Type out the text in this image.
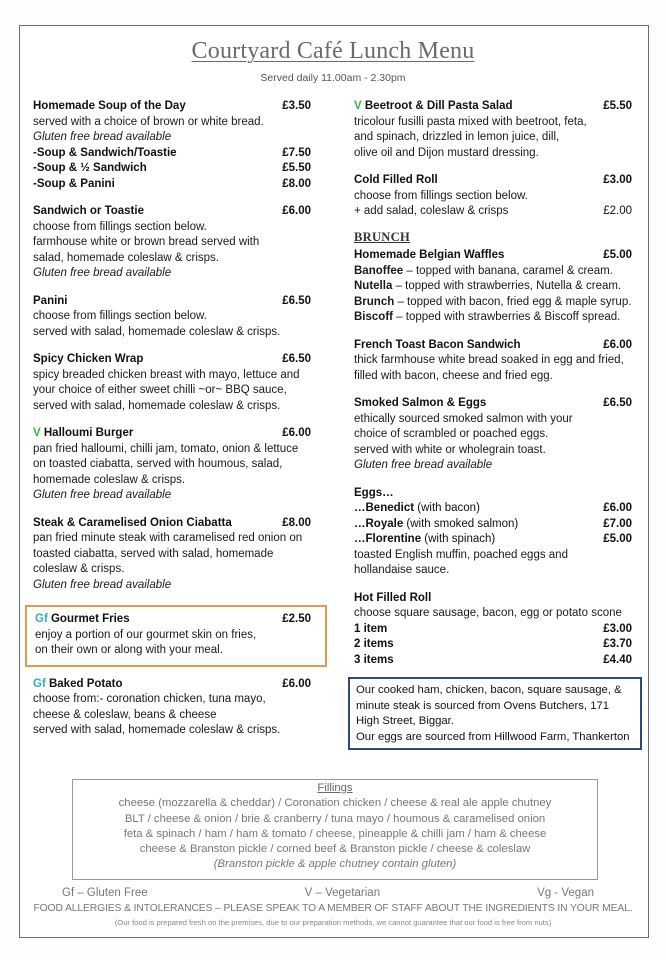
Courtyard Café Lunch Menu
Served daily 11.00am - 2.30pm
Homemade Soup of the Day	£3.50
served with a choice of brown or white bread.
Gluten free bread available
-Soup & Sandwich/Toastie	£7.50
-Soup & ½ Sandwich	£5.50
-Soup & Panini	£8.00
Sandwich or Toastie	£6.00
choose from fillings section below.
farmhouse white or brown bread served with
salad, homemade coleslaw & crisps.
Gluten free bread available
Panini	£6.50
choose from fillings section below.
served with salad, homemade coleslaw & crisps.
Spicy Chicken Wrap	£6.50
spicy breaded chicken breast with mayo, lettuce and
your choice of either sweet chilli ~or~ BBQ sauce,
served with salad, homemade coleslaw & crisps.
V Halloumi Burger	£6.00
pan fried halloumi, chilli jam, tomato, onion & lettuce
on toasted ciabatta, served with houmous, salad,
homemade coleslaw & crisps.
Gluten free bread available
Steak & Caramelised Onion Ciabatta	£8.00
pan fried minute steak with caramelised red onion on
toasted ciabatta, served with salad, homemade
coleslaw & crisps.
Gluten free bread available
Gf Gourmet Fries	£2.50
enjoy a portion of our gourmet skin on fries,
on their own or along with your meal.
Gf Baked Potato	£6.00
choose from:- coronation chicken, tuna mayo,
cheese & coleslaw, beans & cheese
served with salad, homemade coleslaw & crisps.
V Beetroot & Dill Pasta Salad	£5.50
tricolour fusilli pasta mixed with beetroot, feta,
and spinach, drizzled in lemon juice, dill,
olive oil and Dijon mustard dressing.
Cold Filled Roll	£3.00
choose from fillings section below.
+ add salad, coleslaw & crisps	£2.00
BRUNCH
Homemade Belgian Waffles	£5.00
Banoffee – topped with banana, caramel & cream.
Nutella – topped with strawberries, Nutella & cream.
Brunch – topped with bacon, fried egg & maple syrup.
Biscoff – topped with strawberries & Biscoff spread.
French Toast Bacon Sandwich	£6.00
thick farmhouse white bread soaked in egg and fried,
filled with bacon, cheese and fried egg.
Smoked Salmon & Eggs	£6.50
ethically sourced smoked salmon with your
choice of scrambled or poached eggs.
served with white or wholegrain toast.
Gluten free bread available
Eggs…
…Benedict (with bacon)	£6.00
…Royale (with smoked salmon)	£7.00
…Florentine (with spinach)	£5.00
toasted English muffin, poached eggs and
hollandaise sauce.
Hot Filled Roll
choose square sausage, bacon, egg or potato scone
1 item	£3.00
2 items	£3.70
3 items	£4.40
Our cooked ham, chicken, bacon, square sausage, &
minute steak is sourced from Ovens Butchers, 171
High Street, Biggar.
Our eggs are sourced from Hillwood Farm, Thankerton
Fillings
cheese (mozzarella & cheddar) / Coronation chicken / cheese & real ale apple chutney
BLT / cheese & onion / brie & cranberry / tuna mayo / houmous & caramelised onion
feta & spinach / ham / ham & tomato / cheese, pineapple & chilli jam / ham & cheese
cheese & Branston pickle / corned beef & Branston pickle / cheese & coleslaw
(Branston pickle & apple chutney contain gluten)
Gf – Gluten Free	V – Vegetarian	Vg - Vegan
FOOD ALLERGIES & INTOLERANCES – PLEASE SPEAK TO A MEMBER OF STAFF ABOUT THE INGREDIENTS IN YOUR MEAL.
(Our food is prepared fresh on the premises, due to our preparation methods, we cannot guarantee that our food is free from nuts)
